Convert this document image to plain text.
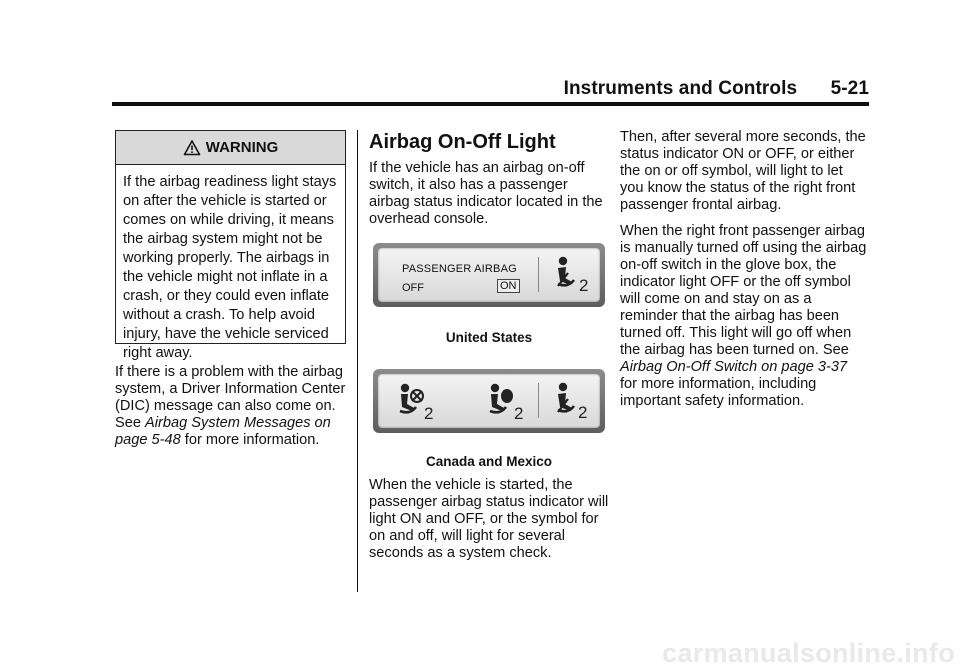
Instruments and Controls 5-21
WARNING
If the airbag readiness light stays on after the vehicle is started or comes on while driving, it means the airbag system might not be working properly. The airbags in the vehicle might not inflate in a crash, or they could even inflate without a crash. To help avoid injury, have the vehicle serviced right away.

If there is a problem with the airbag system, a Driver Information Center (DIC) message can also come on. See Airbag System Messages on page 5-48 for more information.

Airbag On-Off Light

If the vehicle has an airbag on-off switch, it also has a passenger airbag status indicator located in the overhead console.

PASSENGER AIRBAG
OFF	ON	2
United States
2	2	2
Canada and Mexico

When the vehicle is started, the passenger airbag status indicator will light ON and OFF, or the symbol for on and off, will light for several seconds as a system check.

Then, after several more seconds, the status indicator ON or OFF, or either the on or off symbol, will light to let you know the status of the right front passenger frontal airbag.

When the right front passenger airbag is manually turned off using the airbag on-off switch in the glove box, the indicator light OFF or the off symbol will come on and stay on as a reminder that the airbag has been turned off. This light will go off when the airbag has been turned on. See Airbag On-Off Switch on page 3-37 for more information, including important safety information.

carmanualsonline.info
